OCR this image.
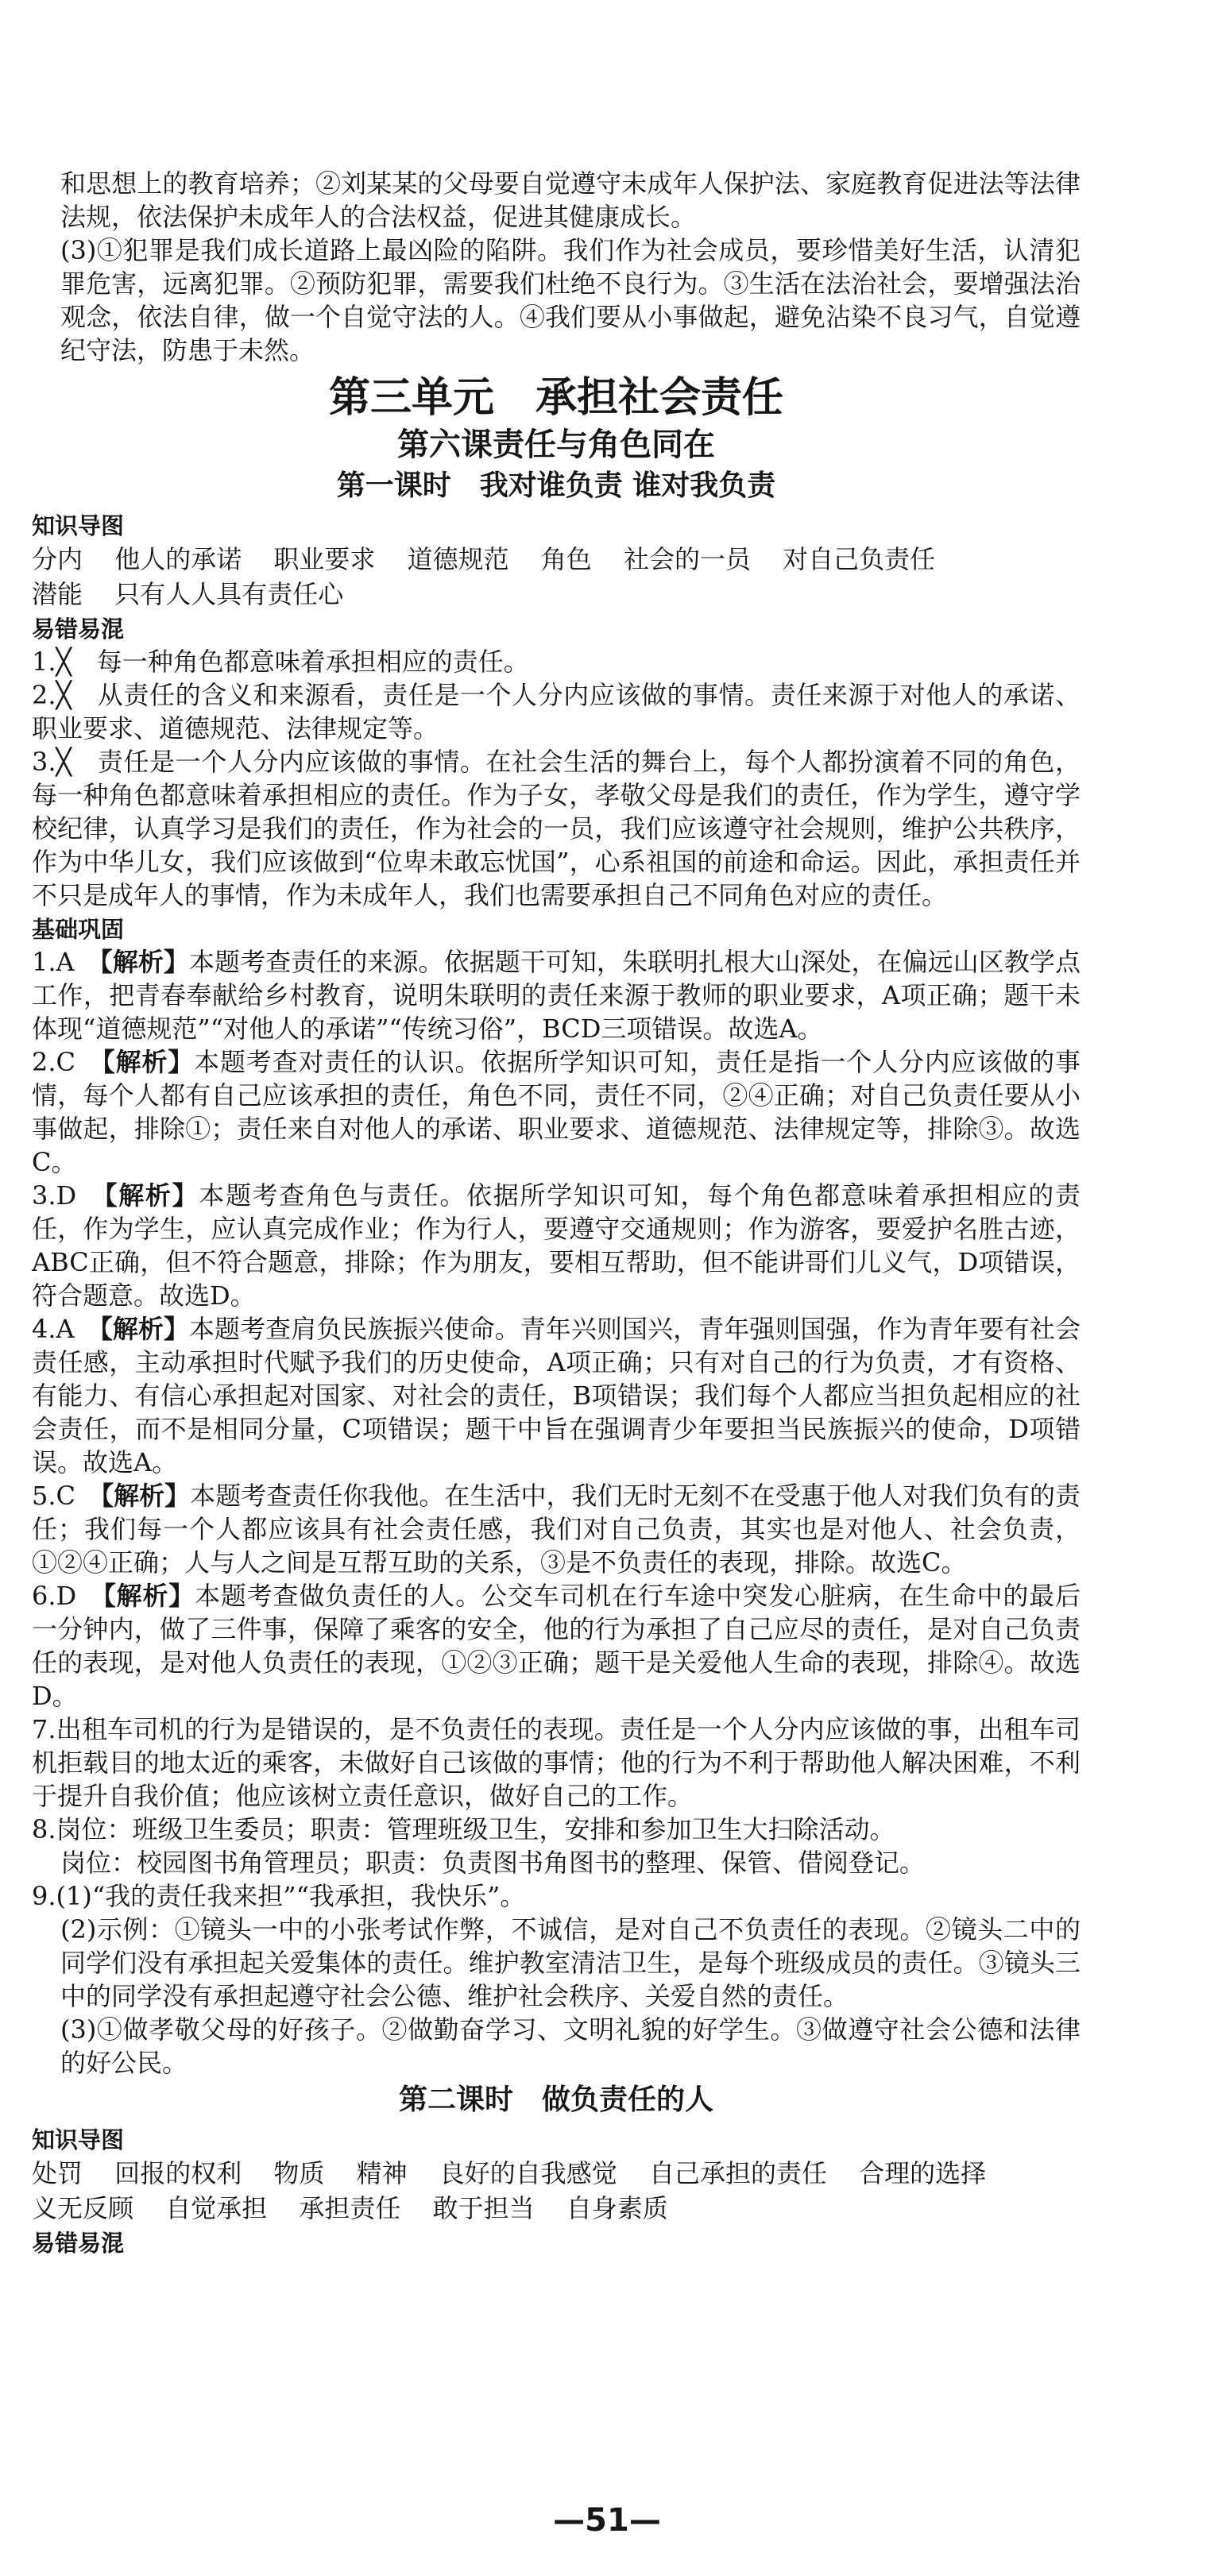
和思想上的教育培养；②刘某某的父母要自觉遵守未成年人保护法、家庭教育促进法等法律法规，依法保护未成年人的合法权益，促进其健康成长。

(3)①犯罪是我们成长道路上最凶险的陷阱。我们作为社会成员，要珍惜美好生活，认清犯罪危害，远离犯罪。②预防犯罪，需要我们杜绝不良行为。③生活在法治社会，要增强法治观念，依法自律，做一个自觉守法的人。④我们要从小事做起，避免沾染不良习气，自觉遵纪守法，防患于未然。

第三单元　承担社会责任
第六课责任与角色同在
第一课时　我对谁负责 谁对我负责
知识导图
分内 他人的承诺 职业要求 道德规范 角色 社会的一员 对自己负责任
潜能 只有人人具有责任心
易错易混

1.╳　每一种角色都意味着承担相应的责任。

2.╳　从责任的含义和来源看，责任是一个人分内应该做的事情。责任来源于对他人的承诺、职业要求、道德规范、法律规定等。

3.╳　责任是一个人分内应该做的事情。在社会生活的舞台上，每个人都扮演着不同的角色，每一种角色都意味着承担相应的责任。作为子女，孝敬父母是我们的责任，作为学生，遵守学校纪律，认真学习是我们的责任，作为社会的一员，我们应该遵守社会规则，维护公共秩序，作为中华儿女，我们应该做到“位卑未敢忘忧国”，心系祖国的前途和命运。因此，承担责任并不只是成年人的事情，作为未成年人，我们也需要承担自己不同角色对应的责任。

基础巩固

1.A　 【解析】本题考查责任的来源。依据题干可知，朱联明扎根大山深处，在偏远山区教学点工作，把青春奉献给乡村教育，说明朱联明的责任来源于教师的职业要求，A项正确；题干未体现“道德规范”“对他人的承诺”“传统习俗”，BCD三项错误。故选A。

2.C　 【解析】本题考查对责任的认识。依据所学知识可知，责任是指一个人分内应该做的事情，每个人都有自己应该承担的责任，角色不同，责任不同，②④正确；对自己负责任要从小事做起，排除①；责任来自对他人的承诺、职业要求、道德规范、法律规定等，排除③。故选C。

3.D　 【解析】本题考查角色与责任。依据所学知识可知，每个角色都意味着承担相应的责任，作为学生，应认真完成作业；作为行人，要遵守交通规则；作为游客，要爱护名胜古迹，ABC正确，但不符合题意，排除；作为朋友，要相互帮助，但不能讲哥们儿义气，D项错误，符合题意。故选D。

4.A　 【解析】本题考查肩负民族振兴使命。青年兴则国兴，青年强则国强，作为青年要有社会责任感，主动承担时代赋予我们的历史使命，A项正确；只有对自己的行为负责，才有资格、有能力、有信心承担起对国家、对社会的责任，B项错误；我们每个人都应当担负起相应的社会责任，而不是相同分量，C项错误；题干中旨在强调青少年要担当民族振兴的使命，D项错误。故选A。

5.C　 【解析】本题考查责任你我他。在生活中，我们无时无刻不在受惠于他人对我们负有的责任；我们每一个人都应该具有社会责任感，我们对自己负责，其实也是对他人、社会负责，①②④正确；人与人之间是互帮互助的关系，③是不负责任的表现，排除。故选C。

6.D　 【解析】本题考查做负责任的人。公交车司机在行车途中突发心脏病，在生命中的最后一分钟内，做了三件事，保障了乘客的安全，他的行为承担了自己应尽的责任，是对自己负责任的表现，是对他人负责任的表现，①②③正确；题干是关爱他人生命的表现，排除④。故选D。

7.出租车司机的行为是错误的，是不负责任的表现。责任是一个人分内应该做的事，出租车司机拒载目的地太近的乘客，未做好自己该做的事情；他的行为不利于帮助他人解决困难，不利于提升自我价值；他应该树立责任意识，做好自己的工作。

8.岗位：班级卫生委员；职责：管理班级卫生，安排和参加卫生大扫除活动。

岗位：校园图书角管理员；职责：负责图书角图书的整理、保管、借阅登记。

9.(1)“我的责任我来担”“我承担，我快乐”。

(2)示例：①镜头一中的小张考试作弊，不诚信，是对自己不负责任的表现。②镜头二中的同学们没有承担起关爱集体的责任。维护教室清洁卫生，是每个班级成员的责任。③镜头三中的同学没有承担起遵守社会公德、维护社会秩序、关爱自然的责任。

(3)①做孝敬父母的好孩子。②做勤奋学习、文明礼貌的好学生。③做遵守社会公德和法律的好公民。

第二课时　做负责任的人
知识导图
处罚 回报的权利 物质 精神 良好的自我感觉 自己承担的责任 合理的选择
义无反顾 自觉承担 承担责任 敢于担当 自身素质
易错易混
—51—
